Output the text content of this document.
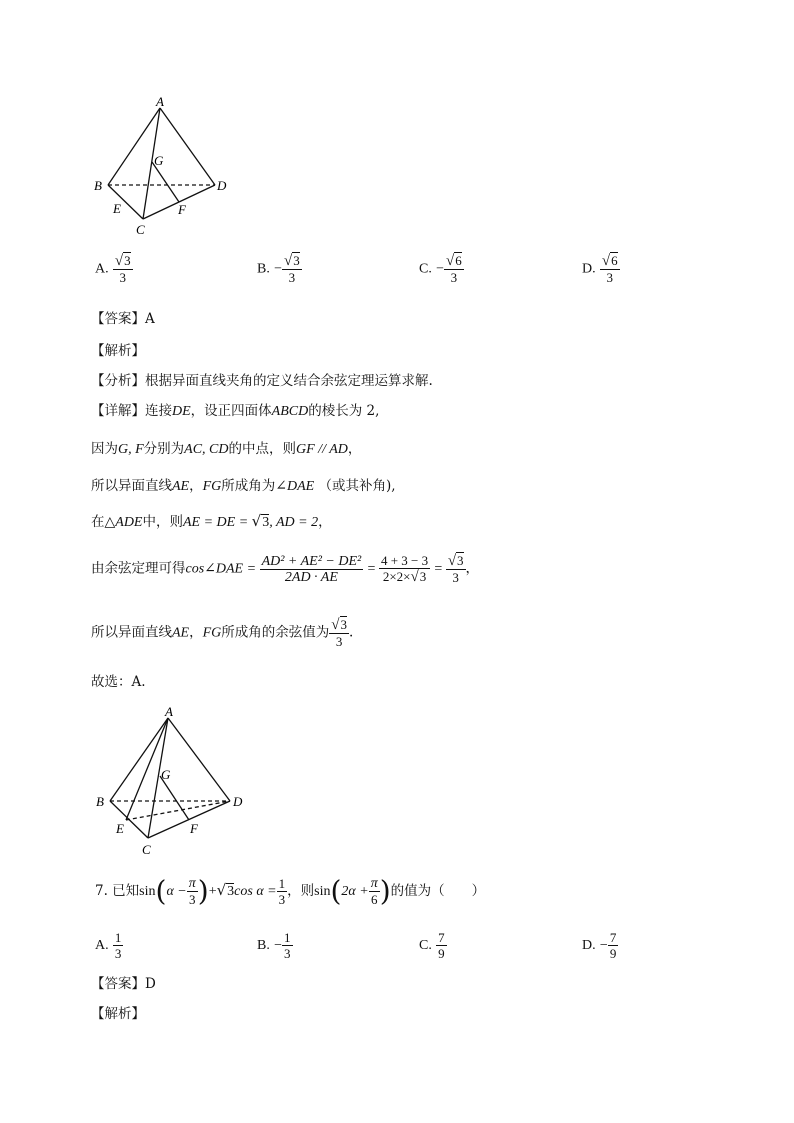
A
B
C
D
E	F
G
A. $\frac{√3}{3}$	B. − $\frac{√3}{3}$	C. − $\frac{√6}{3}$	D. $\frac{√6}{3}$
【答案】A
【解析】
【分析】根据异面直线夹角的定义结合余弦定理运算求解.
【详解】连接DE，设正四面体ABCD的棱长为 2,
因为G, F分别为AC, CD的中点，则GF // AD，
所以异面直线AE，FG所成角为∠DAE （或其补角),
在△ADE中，则AE = DE = √3, AD = 2，
由余弦定理可得cos∠DAE = $\frac{\text{AD² + AE² − DE²}}{2AD \cdot AE} = \frac{4 + 3 - 3}{2\times 2\times√3} = \frac{√3}{3}$ ，
所以异面直线AE，FG所成角的余弦值为 $\frac{√3}{3}$ .
故选：A.
A
B
C
D
E	F
G
7. 已知$\sin(\alpha - \frac{\pi}{3} )+√3\cos$ $\alpha = \frac{1}{3}$ ，则$\sin(2\alpha + \frac{\pi}{6}$ )的值为（　　）
A. $\frac{1}{3}$	B. − $\frac{1}{3}$	C. $\frac{7}{9}$	D. − $\frac{7}{9}$
【答案】D
【解析】
